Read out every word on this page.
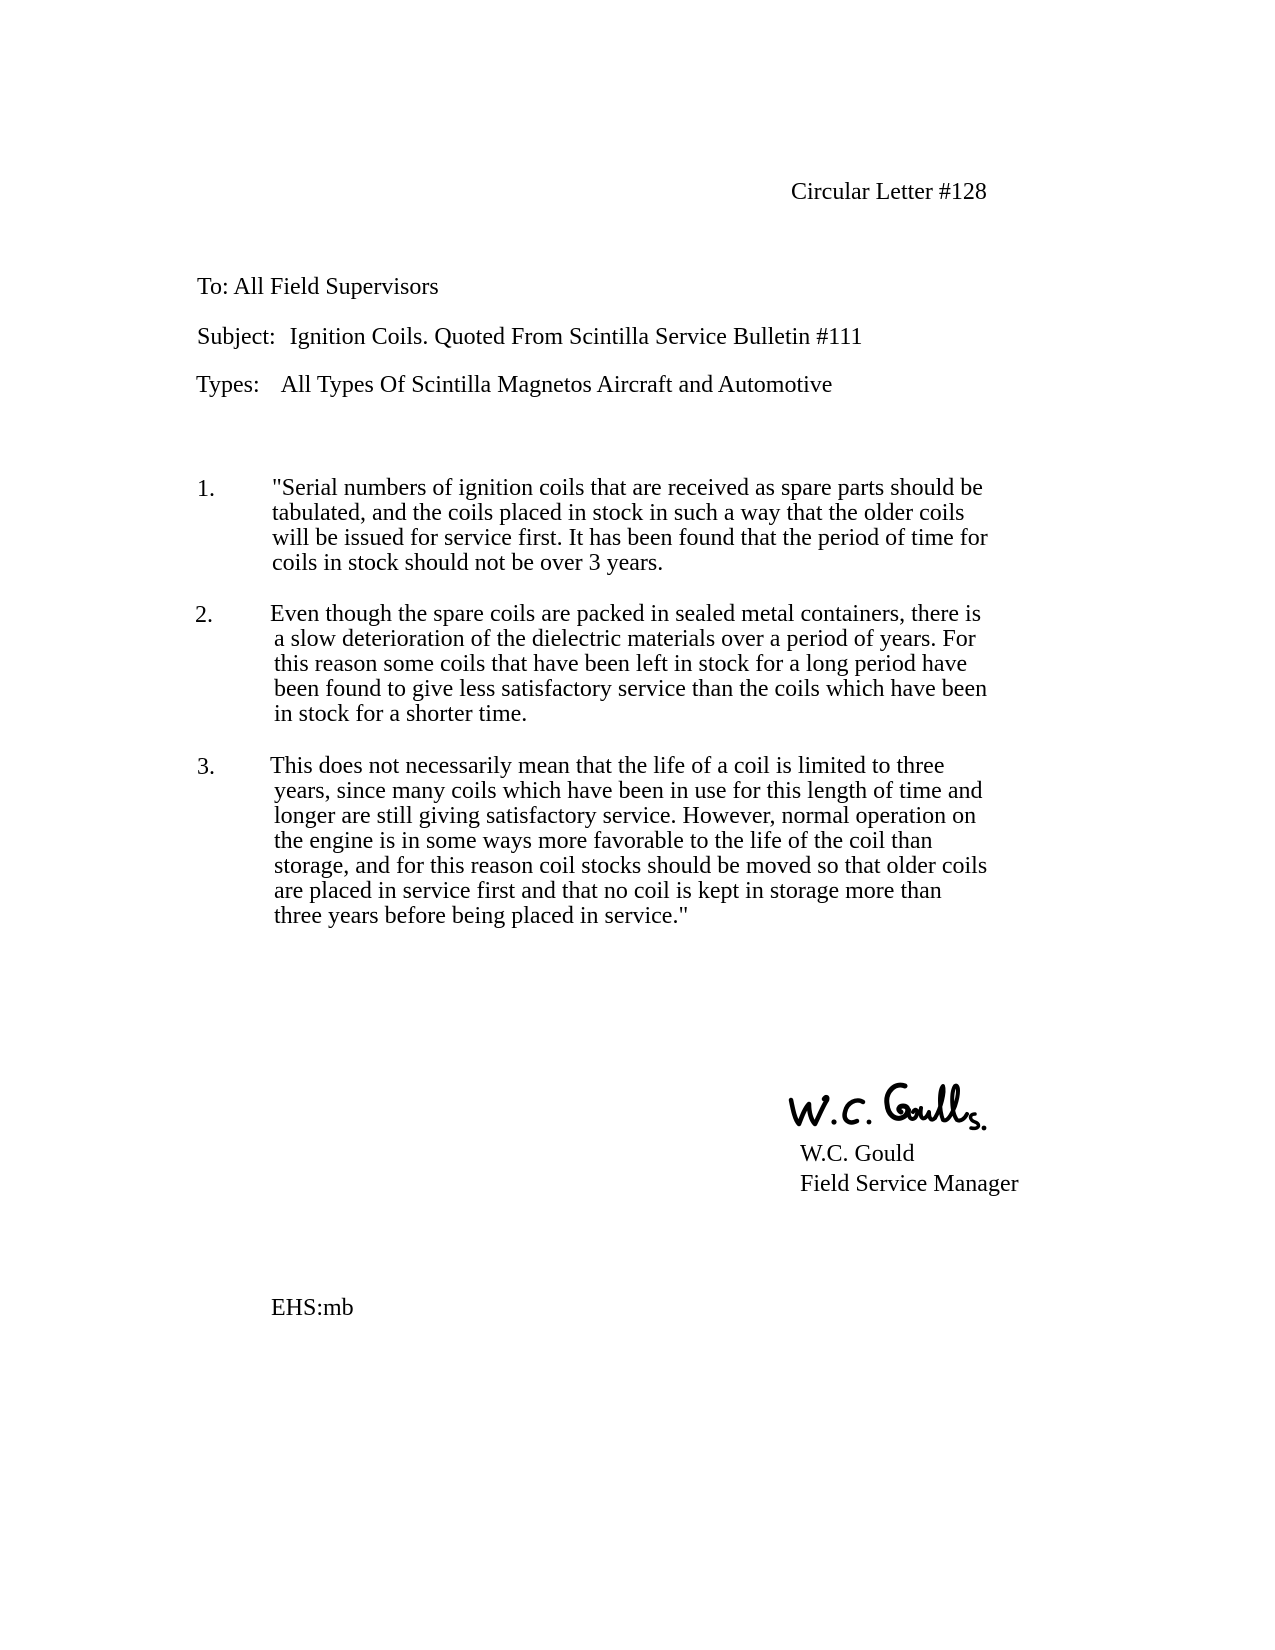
Circular Letter #128
To: All Field Supervisors
Subject: Ignition Coils. Quoted From Scintilla Service Bulletin #111
Types: All Types Of Scintilla Magnetos Aircraft and Automotive
1. "Serial numbers of ignition coils that are received as spare parts should be
tabulated, and the coils placed in stock in such a way that the older coils
will be issued for service first. It has been found that the period of time for
coils in stock should not be over 3 years.
2. Even though the spare coils are packed in sealed metal containers, there is
a slow deterioration of the dielectric materials over a period of years. For
this reason some coils that have been left in stock for a long period have
been found to give less satisfactory service than the coils which have been
in stock for a shorter time.
3. This does not necessarily mean that the life of a coil is limited to three
years, since many coils which have been in use for this length of time and
longer are still giving satisfactory service. However, normal operation on
the engine is in some ways more favorable to the life of the coil than
storage, and for this reason coil stocks should be moved so that older coils
are placed in service first and that no coil is kept in storage more than
three years before being placed in service."
W.C. Gould
Field Service Manager
EHS:mb
